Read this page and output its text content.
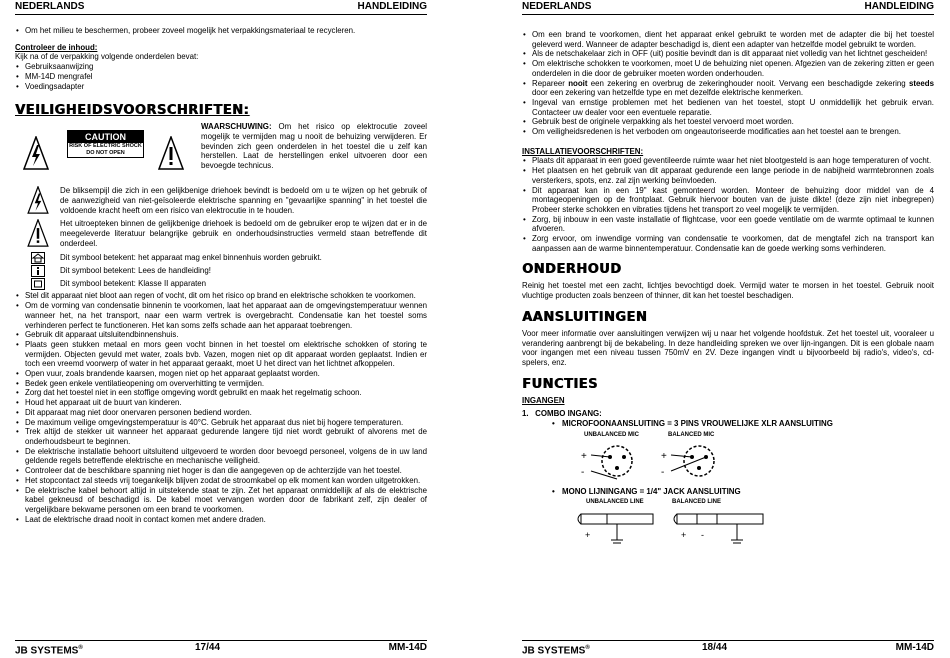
NEDERLANDS	HANDLEIDING
• Om het milieu te beschermen, probeer zoveel mogelijk het verpakkingsmateriaal te recycleren.

Controleer de inhoud:

Kijk na of de verpakking volgende onderdelen bevat:

• Gebruiksaanwijzing
• MM-14D mengrafel
• Voedingsadapter
VEILIGHEIDSVOORSCHRIFTEN:
CAUTION
RISK OF ELECTRIC SHOCK
DO NOT OPEN
WAARSCHUWING: Om het risico op elektrocutie zoveel mogelijk te vermijden mag u nooit de behuizing verwijderen. Er bevinden zich geen onderdelen in het toestel die u zelf kan herstellen. Laat de herstellingen enkel uitvoeren door een bevoegde technicus.
De bliksempijl die zich in een gelijkbenige driehoek bevindt is bedoeld om u te wijzen op het gebruik of de aanwezigheid van niet-geïsoleerde elektrische spanning en "gevaarlijke spanning" in het toestel die voldoende kracht heeft om een risico van elektrocutie in te houden.
Het uitroepteken binnen de gelijkbenige driehoek is bedoeld om de gebruiker erop te wijzen dat er in de meegeleverde literatuur belangrijke gebruik en onderhoudsinstructies vermeld staan betreffende dit onderdeel.
Dit symbool betekent: het apparaat mag enkel binnenhuis worden gebruikt.
Dit symbool betekent: Lees de handleiding!
Dit symbool betekent: Klasse II apparaten
• Stel dit apparaat niet bloot aan regen of vocht, dit om het risico op brand en elektrische schokken te voorkomen.
• Om de vorming van condensatie binnenin te voorkomen, laat het apparaat aan de omgevingstemperatuur wennen wanneer het, na het transport, naar een warm vertrek is overgebracht. Condensatie kan het toestel soms verhinderen perfect te functioneren. Het kan soms zelfs schade aan het apparaat toebrengen.
• Gebruik dit apparaat uitsluitendbinnenshuis.
• Plaats geen stukken metaal en mors geen vocht binnen in het toestel om elektrische schokken of storing te vermijden. Objecten gevuld met water, zoals bvb. Vazen, mogen niet op dit apparaat worden geplaatst. Indien er toch een vreemd voorwerp of water in het apparaat geraakt, moet U het direct van het lichtnet afkoppelen.
• Open vuur, zoals brandende kaarsen, mogen niet op het apparaat geplaatst worden.
• Bedek geen enkele ventilatieopening om oververhitting te vermijden.
• Zorg dat het toestel niet in een stoffige omgeving wordt gebruikt en maak het regelmatig schoon.
• Houd het apparaat uit de buurt van kinderen.
• Dit apparaat mag niet door onervaren personen bediend worden.
• De maximum veilige omgevingstemperatuur is 40°C. Gebruik het apparaat dus niet bij hogere temperaturen.
• Trek altijd de stekker uit wanneer het apparaat gedurende langere tijd niet wordt gebruikt of alvorens met de onderhoudsbeurt te beginnen.
• De elektrische installatie behoort uitsluitend uitgevoerd te worden door bevoegd personeel, volgens de in uw land geldende regels betreffende elektrische en mechanische veiligheid.
• Controleer dat de beschikbare spanning niet hoger is dan die aangegeven op de achterzijde van het toestel.
• Het stopcontact zal steeds vrij toegankelijk blijven zodat de stroomkabel op elk moment kan worden uitgetrokken.
• De elektrische kabel behoort altijd in uitstekende staat te zijn. Zet het apparaat onmiddellijk af als de elektrische kabel gekneusd of beschadigd is. De kabel moet vervangen worden door de fabrikant zelf, zijn dealer of vergelijkbare bekwame personen om een brand te voorkomen.
• Laat de elektrische draad nooit in contact komen met andere draden.
JB SYSTEMS®	17/44	MM-14D
NEDERLANDS	HANDLEIDING
• Om een brand te voorkomen, dient het apparaat enkel gebruikt te worden met de adapter die bij het toestel geleverd werd. Wanneer de adapter beschadigd is, dient een adapter van hetzelfde model gebruikt te worden.
• Als de netschakelaar zich in OFF (uit) positie bevindt dan is dit apparaat niet volledig van het lichtnet gescheiden!
• Om elektrische schokken te voorkomen, moet U de behuizing niet openen. Afgezien van de zekering zitten er geen onderdelen in die door de gebruiker moeten worden onderhouden.
• Repareer nooit een zekering en overbrug de zekeringhouder nooit. Vervang een beschadigde zekering steeds door een zekering van hetzelfde type en met dezelfde elektrische kenmerken.
• Ingeval van ernstige problemen met het bedienen van het toestel, stopt U onmiddellijk het gebruik ervan. Contacteer uw dealer voor een eventuele reparatie.
• Gebruik best de originele verpakking als het toestel vervoerd moet worden.
• Om veiligheidsredenen is het verboden om ongeautoriseerde modificaties aan het toestel aan te brengen.

INSTALLATIEVOORSCHRIFTEN:

• Plaats dit apparaat in een goed geventileerde ruimte waar het niet blootgesteld is aan hoge temperaturen of vocht.
• Het plaatsen en het gebruik van dit apparaat gedurende een lange periode in de nabijheid warmtebronnen zoals versterkers, spots, enz. zal zijn werking beïnvloeden.
• Dit apparaat kan in een 19" kast gemonteerd worden. Monteer de behuizing door middel van de 4 montageopeningen op de frontplaat. Gebruik hiervoor bouten van de juiste dikte! (deze zijn niet inbegrepen) Probeer sterke schokken en vibraties tijdens het transport zo veel mogelijk te vermijden.
• Zorg, bij inbouw in een vaste installatie of flightcase, voor een goede ventilatie om de warmte optimaal te kunnen afvoeren.
• Zorg ervoor, om inwendige vorming van condensatie te voorkomen, dat de mengtafel zich na transport kan aanpassen aan de warme binnentemperatuur. Condensatie kan de goede werking soms verhinderen.
ONDERHOUD

Reinig het toestel met een zacht, lichtjes bevochtigd doek. Vermijd water te morsen in het toestel. Gebruik nooit vluchtige producten zoals benzeen of thinner, dit kan het toestel beschadigen.

AANSLUITINGEN

Voor meer informatie over aansluitingen verwijzen wij u naar het volgende hoofdstuk. Zet het toestel uit, vooraleer u verandering aanbrengt bij de bekabeling. In deze handleiding spreken we over lijn-ingangen. Dit is een globale naam voor ingangen met een niveau tussen 750mV en 2V. Deze ingangen vindt u bijvoorbeeld bij radio's, video's, cd-spelers, enz.

FUNCTIES

INGANGEN

1. COMBO INGANG:

• MICROFOONAANSLUITING = 3 PINS VROUWELIJKE XLR AANSLUITING

UNBALANCED MIC	BALANCED MIC
+
-
+
-

• MONO LIJNINGANG = 1/4" JACK AANSLUITING

UNBALANCED LINE	BALANCED LINE
+	+ -
JB SYSTEMS®	18/44	MM-14D
